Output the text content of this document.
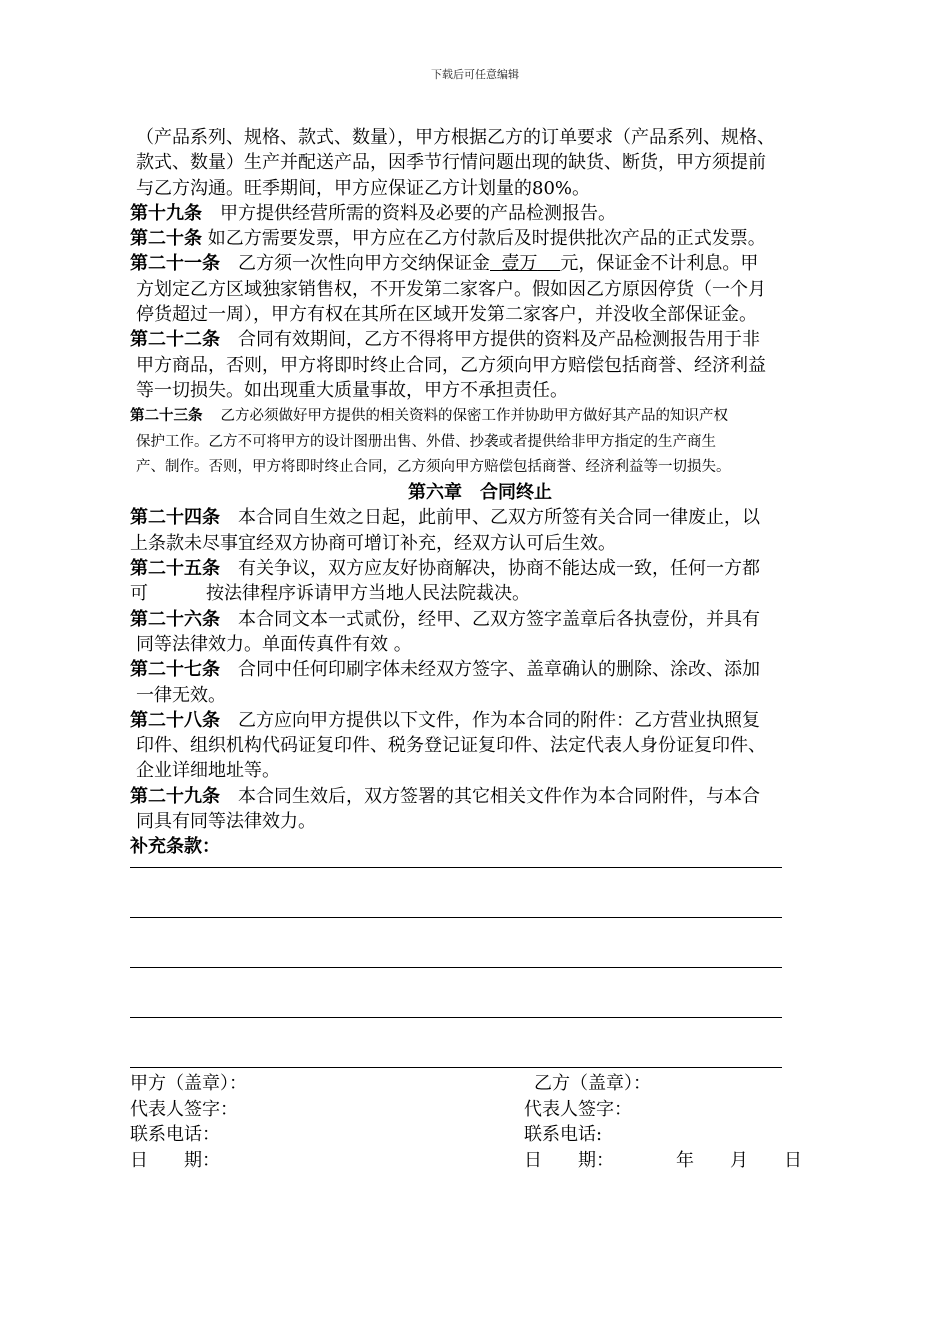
下载后可任意编辑

（产品系列、规格、款式、数量），甲方根据乙方的订单要求（产品系列、规格、

款式、数量）生产并配送产品，因季节行情问题出现的缺货、断货，甲方须提前

与乙方沟通。旺季期间，甲方应保证乙方计划量的80%。

第十九条 甲方提供经营所需的资料及必要的产品检测报告。

第二十条 如乙方需要发票，甲方应在乙方付款后及时提供批次产品的正式发票。

第二十一条 乙方须一次性向甲方交纳保证金 壹万 元，保证金不计利息。甲

方划定乙方区域独家销售权，不开发第二家客户。假如因乙方原因停货（一个月

停货超过一周），甲方有权在其所在区域开发第二家客户，并没收全部保证金。

第二十二条 合同有效期间，乙方不得将甲方提供的资料及产品检测报告用于非

甲方商品，否则，甲方将即时终止合同，乙方须向甲方赔偿包括商誉、经济利益

等一切损失。如出现重大质量事故，甲方不承担责任。

第二十三条 乙方必须做好甲方提供的相关资料的保密工作并协助甲方做好其产品的知识产权

保护工作。乙方不可将甲方的设计图册出售、外借、抄袭或者提供给非甲方指定的生产商生

产、制作。否则，甲方将即时终止合同，乙方须向甲方赔偿包括商誉、经济利益等一切损失。

第六章　合同终止

第二十四条 本合同自生效之日起，此前甲、乙双方所签有关合同一律废止，以

上条款未尽事宜经双方协商可增订补充，经双方认可后生效。

第二十五条 有关争议，双方应友好协商解决，协商不能达成一致，任何一方都

可	按法律程序诉请甲方当地人民法院裁决。

第二十六条 本合同文本一式贰份，经甲、乙双方签字盖章后各执壹份，并具有

同等法律效力。单面传真件有效 。

第二十七条 合同中任何印刷字体未经双方签字、盖章确认的删除、涂改、添加

一律无效。

第二十八条 乙方应向甲方提供以下文件，作为本合同的附件：乙方营业执照复

印件、组织机构代码证复印件、税务登记证复印件、法定代表人身份证复印件、

企业详细地址等。

第二十九条 本合同生效后，双方签署的其它相关文件作为本合同附件，与本合

同具有同等法律效力。

补充条款：

甲方（盖章）：

代表人签字：

联系电话：

日　　期：

乙方（盖章）：

代表人签字：

联系电话:

日　　期：	年　　月　　日
